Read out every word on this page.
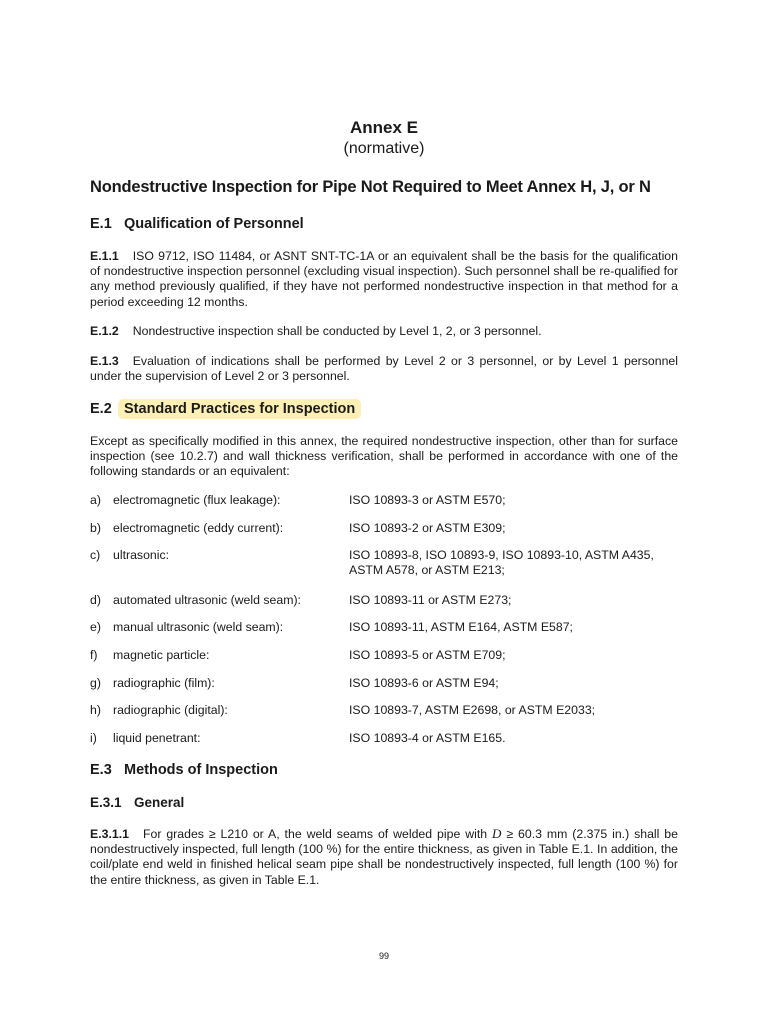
Annex E
(normative)
Nondestructive Inspection for Pipe Not Required to Meet Annex H, J, or N
E.1 Qualification of Personnel
E.1.1 ISO 9712, ISO 11484, or ASNT SNT-TC-1A or an equivalent shall be the basis for the qualification of nondestructive inspection personnel (excluding visual inspection). Such personnel shall be re-qualified for any method previously qualified, if they have not performed nondestructive inspection in that method for a period exceeding 12 months.
E.1.2 Nondestructive inspection shall be conducted by Level 1, 2, or 3 personnel.
E.1.3 Evaluation of indications shall be performed by Level 2 or 3 personnel, or by Level 1 personnel under the supervision of Level 2 or 3 personnel.
E.2 Standard Practices for Inspection
Except as specifically modified in this annex, the required nondestructive inspection, other than for surface inspection (see 10.2.7) and wall thickness verification, shall be performed in accordance with one of the following standards or an equivalent:
a) electromagnetic (flux leakage):	ISO 10893-3 or ASTM E570;
b) electromagnetic (eddy current):	ISO 10893-2 or ASTM E309;
c)	ultrasonic:	ISO 10893-8, ISO 10893-9, ISO 10893-10, ASTM A435, ASTM A578, or ASTM E213;
d) automated ultrasonic (weld seam):	ISO 10893-11 or ASTM E273;
e) manual ultrasonic (weld seam):	ISO 10893-11, ASTM E164, ASTM E587;
f)	magnetic particle:	ISO 10893-5 or ASTM E709;
g) radiographic (film):	ISO 10893-6 or ASTM E94;
h) radiographic (digital):	ISO 10893-7, ASTM E2698, or ASTM E2033;
i)	liquid penetrant:	ISO 10893-4 or ASTM E165.
E.3 Methods of Inspection
E.3.1 General
E.3.1.1 For grades ≥ L210 or A, the weld seams of welded pipe with D ≥ 60.3 mm (2.375 in.) shall be nondestructively inspected, full length (100 %) for the entire thickness, as given in Table E.1. In addition, the coil/plate end weld in finished helical seam pipe shall be nondestructively inspected, full length (100 %) for the entire thickness, as given in Table E.1.
99
